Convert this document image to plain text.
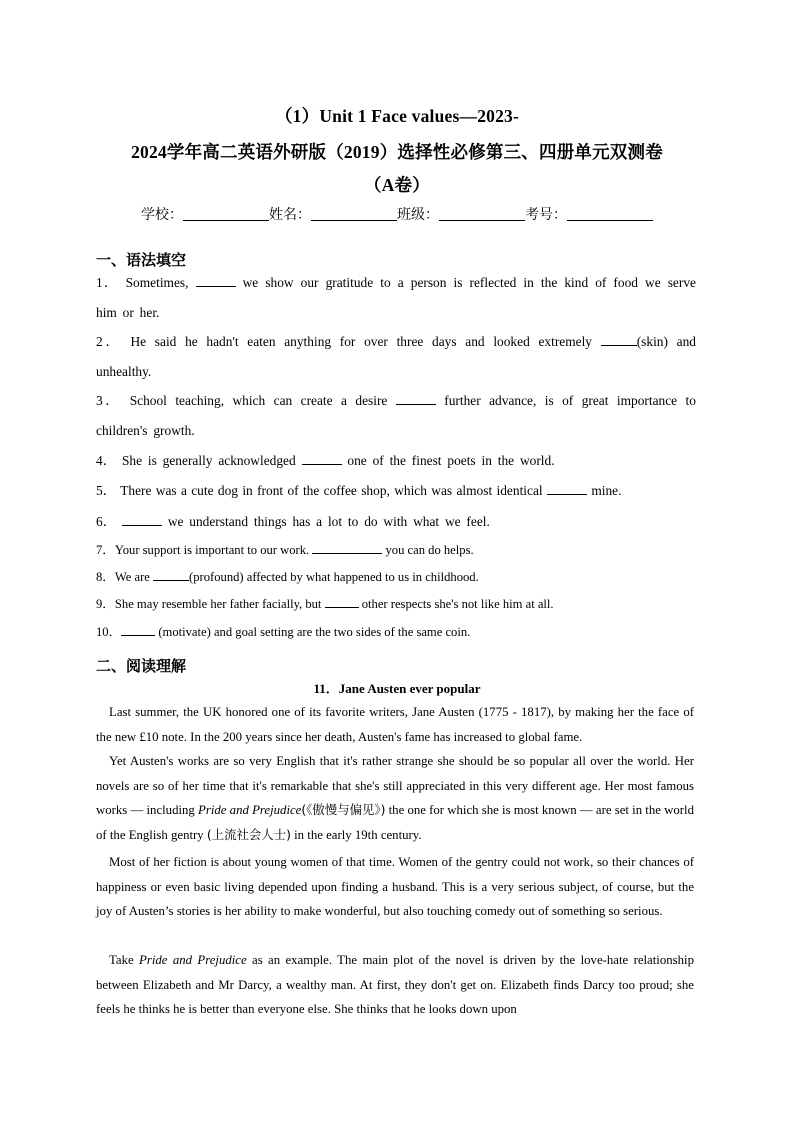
（1）Unit 1 Face values—2023-
2024学年高二英语外研版（2019）选择性必修第三、四册单元双测卷
（A卷）
学校：	姓名：	班级：	考号：
一、语法填空
1． Sometimes,	we show our gratitude to a person is reflected in the kind of food we serve him or her.
2． He said he hadn't eaten anything for over three days and looked extremely	(skin) and unhealthy.
3． School teaching, which can create a desire	further advance, is of great importance to children's growth.
4． She is generally acknowledged	one of the finest poets in the world.
5． There was a cute dog in front of the coffee shop, which was almost identical	mine.
6．	we understand things has a lot to do with what we feel.
7．Your support is important to our work.	you can do helps.
8．We are	(profound) affected by what happened to us in childhood.
9．She may resemble her father facially, but	other respects she's not like him at all.
10．	(motivate) and goal setting are the two sides of the same coin.
二、阅读理解
11．Jane Austen ever popular
Last summer, the UK honored one of its favorite writers, Jane Austen (1775 - 1817), by making her the face of the new £10 note. In the 200 years since her death, Austen's fame has increased to global fame.
Yet Austen's works are so very English that it's rather strange she should be so popular all over the world. Her novels are so of her time that it's remarkable that she's still appreciated in this very different age. Her most famous works — including Pride and Prejudice(《傲慢与偏见》) the one for which she is most known — are set in the world of the English gentry (上流社会人士) in the early 19th century.
Most of her fiction is about young women of that time. Women of the gentry could not work, so their chances of happiness or even basic living depended upon finding a husband. This is a very serious subject, of course, but the joy of Austen’s stories is her ability to make wonderful, but also touching comedy out of something so serious.
Take Pride and Prejudice as an example. The main plot of the novel is driven by the love-hate relationship between Elizabeth and Mr Darcy, a wealthy man. At first, they don't get on. Elizabeth finds Darcy too proud; she feels he thinks he is better than everyone else. She thinks that he looks down upon
